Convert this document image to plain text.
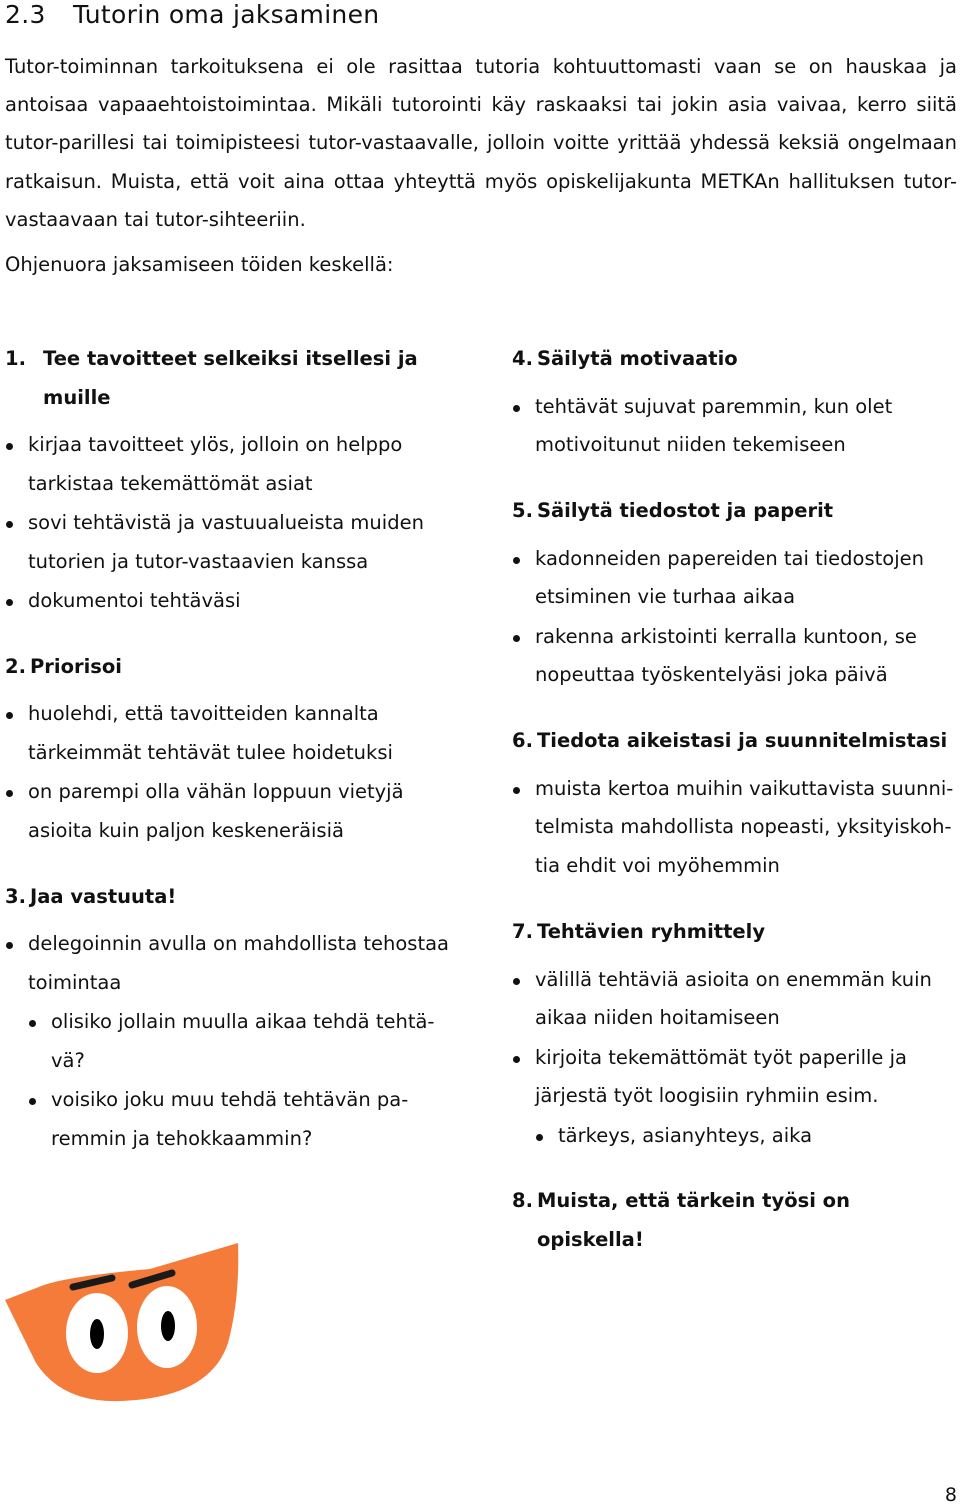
2.3 Tutorin oma jaksaminen

Tutor-toiminnan tarkoituksena ei ole rasittaa tutoria kohtuuttomasti vaan se on hauskaa ja antoisaa vapaaehtoistoimintaa. Mikäli tutorointi käy raskaaksi tai jokin asia vaivaa, kerro siitä tutor-parillesi tai toimipisteesi tutor-vastaavalle, jolloin voitte yrittää yhdessä keksiä ongelmaan ratkaisun. Muista, että voit aina ottaa yhteyttä myös opiskelijakunta METKAn hallituksen tutor-vastaavaan tai tutor-sihteeriin.

Ohjenuora jaksamiseen töiden keskellä:

1. Tee tavoitteet selkeiksi itsellesi ja muille
kirjaa tavoitteet ylös, jolloin on helppo tarkistaa tekemättömät asiat
sovi tehtävistä ja vastuualueista muiden tutorien ja tutor-vastaavien kanssa
dokumentoi tehtäväsi
2. Priorisoi
huolehdi, että tavoitteiden kannalta tärkeimmät tehtävät tulee hoidetuksi
on parempi olla vähän loppuun vietyjä asioita kuin paljon keskeneräisiä
3. Jaa vastuuta!
delegoinnin avulla on mahdollista tehostaa toimintaa
olisiko jollain muulla aikaa tehdä tehtä-vä?
voisiko joku muu tehdä tehtävän pa-remmin ja tehokkaammin?
4. Säilytä motivaatio
tehtävät sujuvat paremmin, kun olet motivoitunut niiden tekemiseen
5. Säilytä tiedostot ja paperit
kadonneiden papereiden tai tiedostojen etsiminen vie turhaa aikaa
rakenna arkistointi kerralla kuntoon, se nopeuttaa työskentelyäsi joka päivä
6. Tiedota aikeistasi ja suunnitelmistasi
muista kertoa muihin vaikuttavista suunni-telmista mahdollista nopeasti, yksityiskoh-tia ehdit voi myöhemmin
7. Tehtävien ryhmittely
välillä tehtäviä asioita on enemmän kuin aikaa niiden hoitamiseen
kirjoita tekemättömät työt paperille ja järjestä työt loogisiin ryhmiin esim.
tärkeys, asianyhteys, aika
8. Muista, että tärkein työsi on opiskella!
8
